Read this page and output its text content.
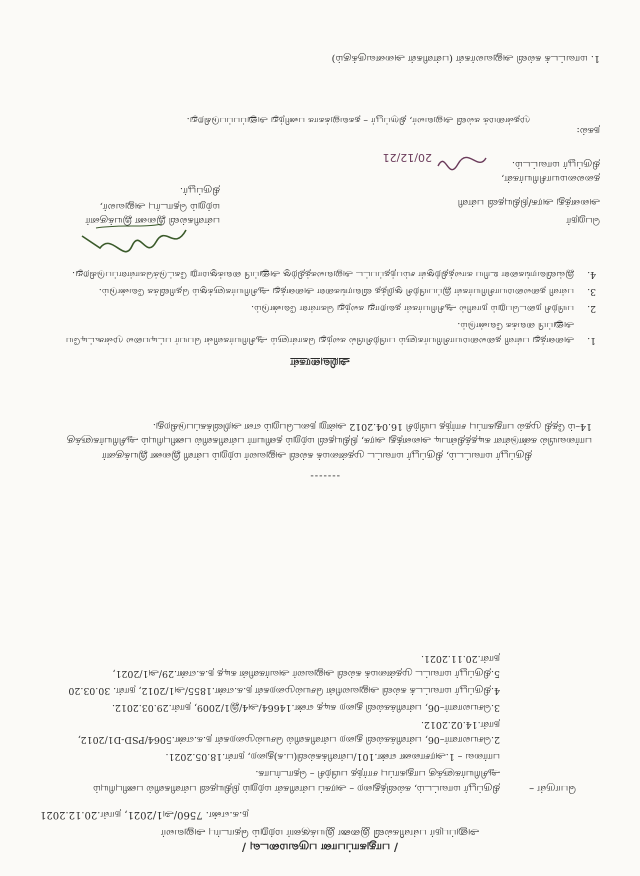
/ பாதுகாப்பான பருவமடைவு /
அனுப்புநர் பள்ளிகல்வி இணை இயக்குனர் மற்றும் தொடர்பு அலுவலர்
ந.க.எண். 7560/அ1/2021, நாள்.20.12.2021
பொருள் –

திருப்பூர் மாவட்டம், கல்வித்துறை – அரசுப் பள்ளிகள் மற்றும் நிதியுதவி பள்ளிகளில் பணிபுரியும் ஆசிரியர்களுக்கு பாதுகாப்பு சார்ந்த பயிற்சி – தொடர்பாக.

பார்வை – 1.அரசாணை எண்.101/பள்ளிக்கல்வி(ப.க)துறை, நாள்.18.05.2021.

2.செயலாளர்–06, பள்ளிக்கல்வி துறை பள்ளிகளில் செயல்முறைகள் ந.க.எண்.5064/PSD-D1/2012, நாள்.14.02.2012.

3.செயலாளர்–06, பள்ளிக்கல்வி துறை கடித எண்.14664/அ4/இ1/2009, நாள்.29.03.2012.

4.திருப்பூர் மாவட்டக் கல்வி அலுவலரின் செயல்முறைகள் ந.க.எண்.1855/அ1/2012, நாள். 30.03.20

5.திருப்பூர் மாவட்ட முதன்மைக் கல்வி அலுவலர் அவர்களின் கடித ந.க.எண்.29/அ1/2021, நாள்.20.11.2021.

-------
திருப்பூர் மாவட்டம், திருப்பூர் மாவட்ட முதன்மைக் கல்வி அலுவலர் மற்றும் பள்ளி இணை இயக்குனர் பார்வையில் கண்டுள்ள கடிதத்தின்படி அனைத்து அரசு, நிதியுதவி மற்றும் தனியார் பள்ளிகளில் பணிபுரியும் ஆசிரியர்களுக்கு 14–ம் தேதி முதல் பாதுகாப்பு சார்ந்த பயிற்சி 16.04.2012 அன்று நடைபெறும் என அறிவிக்கப்படுகிறது.
அறிவுரைகள்
1.
அனைத்து பள்ளி தலைமையாசிரியர்களும் பயிற்சியில் கலந்து கொள்ளும் ஆசிரியர்களின் பெயர் பட்டியலை முன்கூட்டியே அனுப்பி வைக்க வேண்டும்.
2.
பயிற்சி நடைபெறும் நாளில் ஆசிரியர்கள் தவறாது கலந்து கொள்ள வேண்டும்.
3.
பள்ளி தலைமையாசிரியர்கள் இப்பயிற்சி குறித்த விவரங்களை அனைத்து ஆசிரியர்களுக்கும் தெரிவிக்க வேண்டும்.
4.
இவ்விவரங்களை உரிய காலத்திற்குள் சம்பந்தப்பட்ட அலுவலகத்திற்கு அனுப்பி வைக்குமாறு கேட்டுக்கொள்ளப்படுகிறது.
பெறுநர்
அனைத்து அரசு/நிதியுதவி பள்ளி
தலைமையாசிரியர்கள்,
திருப்பூர் மாவட்டம்.
பள்ளிகல்வி இணை இயக்குனர்
மற்றும் தொடர்பு அலுவலர்,
திருப்பூர்.
20/12/21
நகல்:
முதன்மைக் கல்வி அலுவலர், திருப்பூர் – தகவலுக்காக பணிந்து அனுப்பப்படுகிறது.
1. மாவட்டக் கல்வி அலுவலர்கள் (பள்ளிகள் அனைவருக்கும்)
